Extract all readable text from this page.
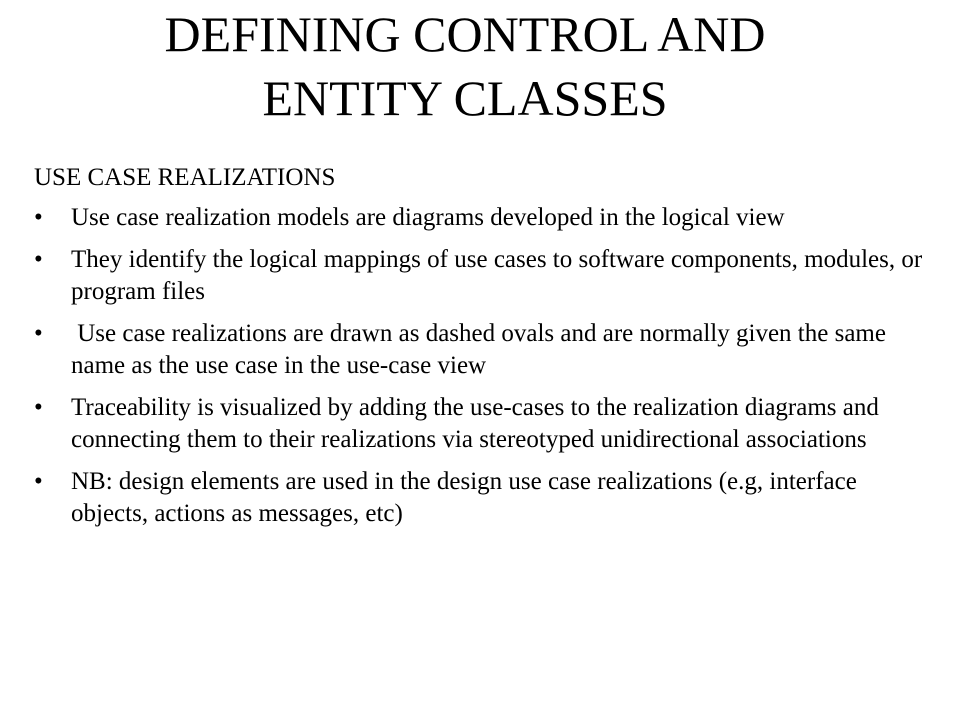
DEFINING CONTROL AND
ENTITY CLASSES
USE CASE REALIZATIONS
• Use case realization models are diagrams developed in the logical view
• They identify the logical mappings of use cases to software components, modules, or program files
• Use case realizations are drawn as dashed ovals and are normally given the same name as the use case in the use-case view
• Traceability is visualized by adding the use-cases to the realization diagrams and connecting them to their realizations via stereotyped unidirectional associations
• NB: design elements are used in the design use case realizations (e.g, interface objects, actions as messages, etc)
